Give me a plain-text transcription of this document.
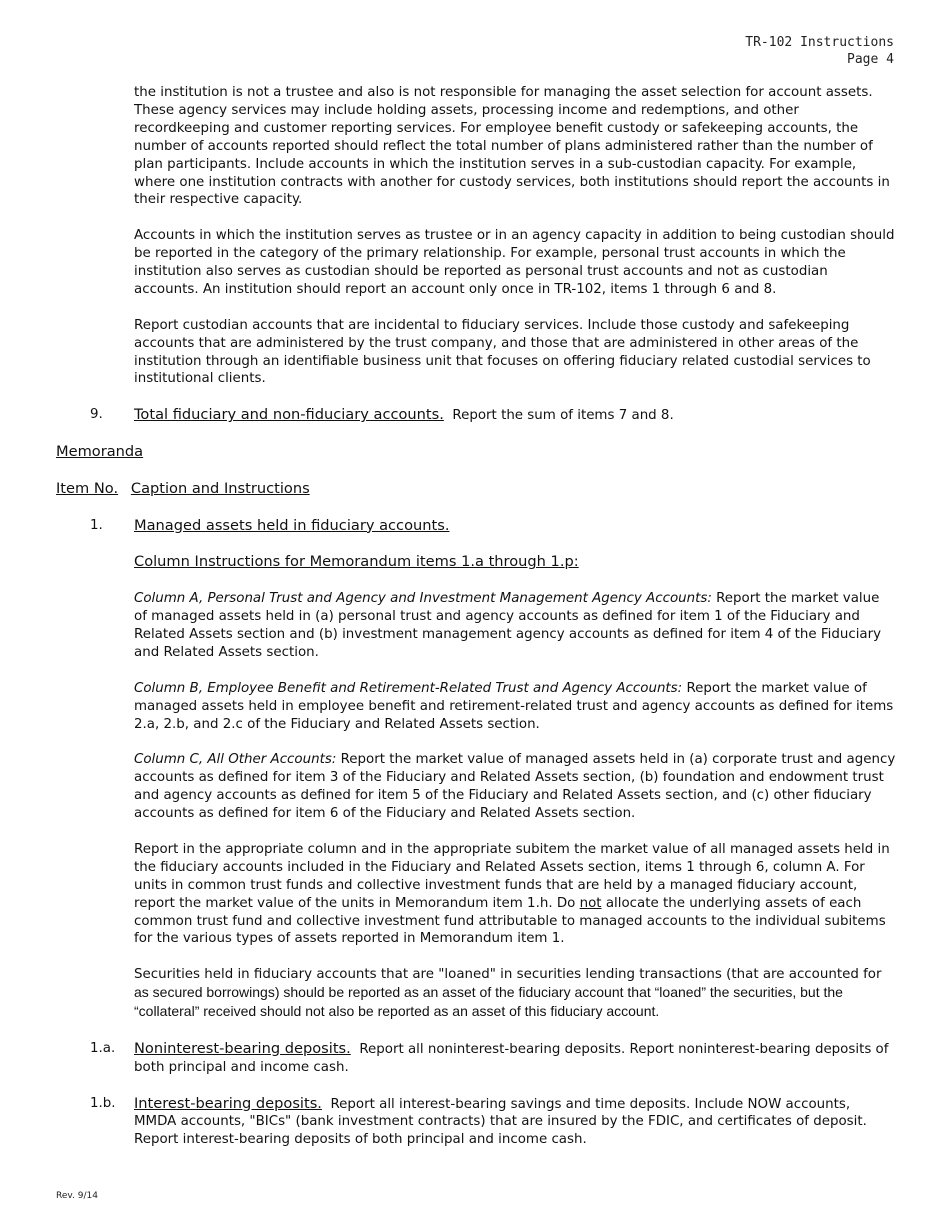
TR-102 Instructions
Page 4

the institution is not a trustee and also is not responsible for managing the asset selection for account assets. These agency services may include holding assets, processing income and redemptions, and other recordkeeping and customer reporting services. For employee benefit custody or safekeeping accounts, the number of accounts reported should reflect the total number of plans administered rather than the number of plan participants. Include accounts in which the institution serves in a sub-custodian capacity. For example, where one institution contracts with another for custody services, both institutions should report the accounts in their respective capacity.

Accounts in which the institution serves as trustee or in an agency capacity in addition to being custodian should be reported in the category of the primary relationship. For example, personal trust accounts in which the institution also serves as custodian should be reported as personal trust accounts and not as custodian accounts. An institution should report an account only once in TR-102, items 1 through 6 and 8.

Report custodian accounts that are incidental to fiduciary services. Include those custody and safekeeping accounts that are administered by the trust company, and those that are administered in other areas of the institution through an identifiable business unit that focuses on offering fiduciary related custodial services to institutional clients.

9. Total fiduciary and non-fiduciary accounts. Report the sum of items 7 and 8.

Memoranda

Item No. Caption and Instructions

1. Managed assets held in fiduciary accounts.

Column Instructions for Memorandum items 1.a through 1.p:

Column A, Personal Trust and Agency and Investment Management Agency Accounts: Report the market value of managed assets held in (a) personal trust and agency accounts as defined for item 1 of the Fiduciary and Related Assets section and (b) investment management agency accounts as defined for item 4 of the Fiduciary and Related Assets section.

Column B, Employee Benefit and Retirement-Related Trust and Agency Accounts: Report the market value of managed assets held in employee benefit and retirement-related trust and agency accounts as defined for items 2.a, 2.b, and 2.c of the Fiduciary and Related Assets section.

Column C, All Other Accounts: Report the market value of managed assets held in (a) corporate trust and agency accounts as defined for item 3 of the Fiduciary and Related Assets section, (b) foundation and endowment trust and agency accounts as defined for item 5 of the Fiduciary and Related Assets section, and (c) other fiduciary accounts as defined for item 6 of the Fiduciary and Related Assets section.

Report in the appropriate column and in the appropriate subitem the market value of all managed assets held in the fiduciary accounts included in the Fiduciary and Related Assets section, items 1 through 6, column A. For units in common trust funds and collective investment funds that are held by a managed fiduciary account, report the market value of the units in Memorandum item 1.h. Do not allocate the underlying assets of each common trust fund and collective investment fund attributable to managed accounts to the individual subitems for the various types of assets reported in Memorandum item 1.

Securities held in fiduciary accounts that are "loaned" in securities lending transactions (that are accounted for as secured borrowings) should be reported as an asset of the fiduciary account that “loaned” the securities, but the “collateral” received should not also be reported as an asset of this fiduciary account.

1.a. Noninterest-bearing deposits. Report all noninterest-bearing deposits. Report noninterest-bearing deposits of both principal and income cash.
1.b. Interest-bearing deposits. Report all interest-bearing savings and time deposits. Include NOW accounts, MMDA accounts, "BICs" (bank investment contracts) that are insured by the FDIC, and certificates of deposit. Report interest-bearing deposits of both principal and income cash.
Rev. 9/14
